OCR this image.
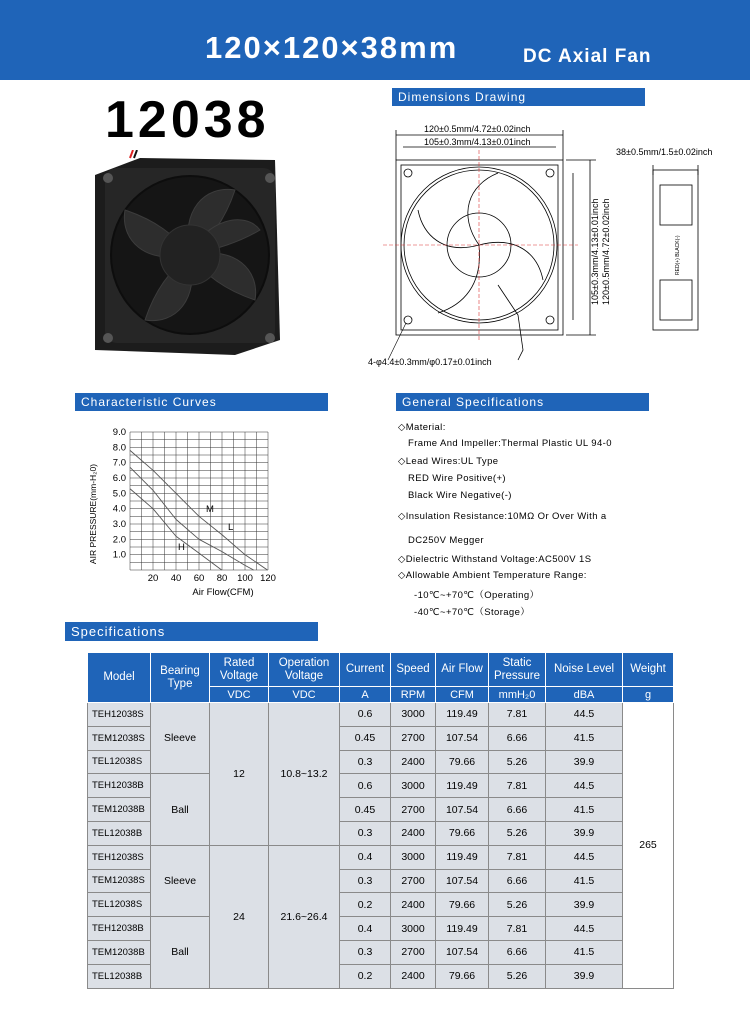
120×120×38mm	DC Axial Fan
12038	Dimensions Drawing
Characteristic Curves	General Specifications
Specifications
120±0.5mm/4.72±0.02inch
105±0.3mm/4.13±0.01inch
38±0.5mm/1.5±0.02inch
4-φ4.4±0.3mm/φ0.17±0.01inch
105±0.3mm/4.13±0.01inch 120±0.5mm/4.72±0.02inch	RED(+) BLACK(-)
H
M
L
1.0
2.0
3.0
4.0
5.0
6.0
7.0
8.0
9.0
20 40 60 80 100 120
Air Flow(CFM)
AIR PRESSURE(mm-H₂0)
◇Material:
Frame And Impeller:Thermal Plastic UL 94-0
◇Lead Wires:UL Type
RED Wire Positive(+)
Black Wire Negative(-)
◇Insulation Resistance:10MΩ Or Over With a
DC250V Megger
◇Dielectric Withstand Voltage:AC500V 1S
◇Allowable Ambient Temperature Range:
-10℃~+70℃（Operating）
-40℃~+70℃（Storage）
Model	Bearing Type	Rated Voltage	Operation Voltage	Current	Speed	Air Flow	Static Pressure	Noise Level	Weight
		VDC	VDC	A	RPM	CFM	mmH₂0	dBA	g
TEH12038S	Sleeve	12	10.8~13.2	0.6	3000	119.49	7.81	44.5	265
TEM12038S				0.45	2700	107.54	6.66	41.5	
TEL12038S				0.3	2400	79.66	5.26	39.9	
TEH12038B	Ball			0.6	3000	119.49	7.81	44.5	
TEM12038B				0.45	2700	107.54	6.66	41.5	
TEL12038B				0.3	2400	79.66	5.26	39.9	
TEH12038S	Sleeve	24	21.6~26.4	0.4	3000	119.49	7.81	44.5	
TEM12038S				0.3	2700	107.54	6.66	41.5	
TEL12038S				0.2	2400	79.66	5.26	39.9	
TEH12038B	Ball			0.4	3000	119.49	7.81	44.5	
TEM12038B				0.3	2700	107.54	6.66	41.5	
TEL12038B				0.2	2400	79.66	5.26	39.9	
